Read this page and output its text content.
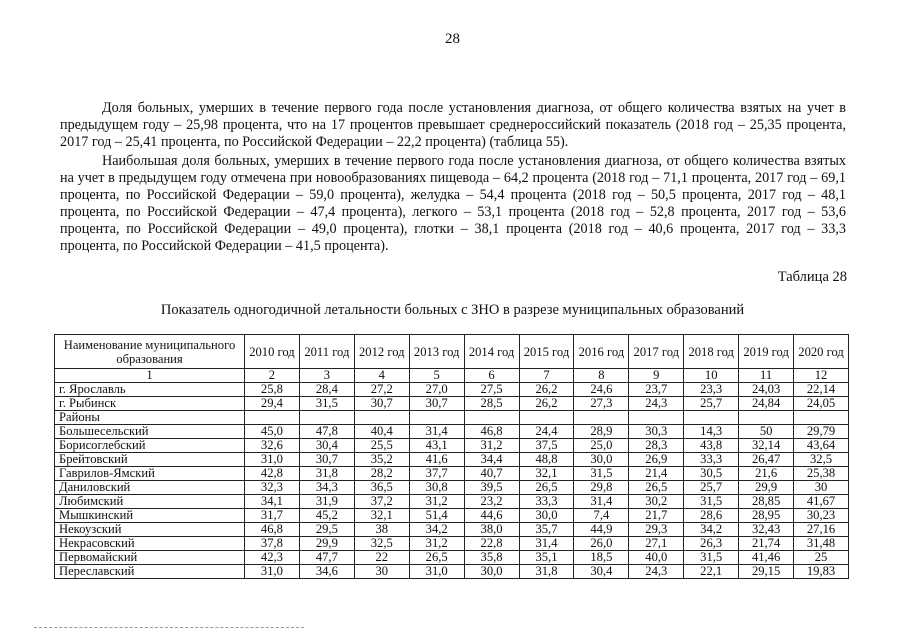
28

Доля больных, умерших в течение первого года после установления диагноза, от общего количества взятых на учет в предыдущем году – 25,98 процента, что на 17 процентов превышает среднероссийский показатель (2018 год – 25,35 процента, 2017 год – 25,41 процента, по Российской Федерации – 22,2 процента) (таблица 55).

Наибольшая доля больных, умерших в течение первого года после установления диагноза, от общего количества взятых на учет в предыдущем году отмечена при новообразованиях пищевода – 64,2 процента (2018 год – 71,1 процента, 2017 год – 69,1 процента, по Российской Федерации – 59,0 процента), желудка – 54,4 процента (2018 год – 50,5 процента, 2017 год – 48,1 процента, по Российской Федерации – 47,4 процента), легкого – 53,1 процента (2018 год – 52,8 процента, 2017 год – 53,6 процента, по Российской Федерации – 49,0 процента), глотки – 38,1 процента (2018 год – 40,6 процента, 2017 год – 33,3 процента, по Российской Федерации – 41,5 процента).

Таблица 28
Показатель одногодичной летальности больных с ЗНО в разрезе муниципальных образований
Наименование муниципального образования	2010 год	2011 год	2012 год	2013 год	2014 год	2015 год	2016 год	2017 год	2018 год	2019 год	2020 год
1	2	3	4	5	6	7	8	9	10	11	12
г. Ярославль	25,8	28,4	27,2	27,0	27,5	26,2	24,6	23,7	23,3	24,03	22,14
г. Рыбинск	29,4	31,5	30,7	30,7	28,5	26,2	27,3	24,3	25,7	24,84	24,05
Районы											
Большесельский	45,0	47,8	40,4	31,4	46,8	24,4	28,9	30,3	14,3	50	29,79
Борисоглебский	32,6	30,4	25,5	43,1	31,2	37,5	25,0	28,3	43,8	32,14	43,64
Брейтовский	31,0	30,7	35,2	41,6	34,4	48,8	30,0	26,9	33,3	26,47	32,5
Гаврилов-Ямский	42,8	31,8	28,2	37,7	40,7	32,1	31,5	21,4	30,5	21,6	25,38
Даниловский	32,3	34,3	36,5	30,8	39,5	26,5	29,8	26,5	25,7	29,9	30
Любимский	34,1	31,9	37,2	31,2	23,2	33,3	31,4	30,2	31,5	28,85	41,67
Мышкинский	31,7	45,2	32,1	51,4	44,6	30,0	7,4	21,7	28,6	28,95	30,23
Некоузский	46,8	29,5	38	34,2	38,0	35,7	44,9	29,3	34,2	32,43	27,16
Некрасовский	37,8	29,9	32,5	31,2	22,8	31,4	26,0	27,1	26,3	21,74	31,48
Первомайский	42,3	47,7	22	26,5	35,8	35,1	18,5	40,0	31,5	41,46	25
Переславский	31,0	34,6	30	31,0	30,0	31,8	30,4	24,3	22,1	29,15	19,83
